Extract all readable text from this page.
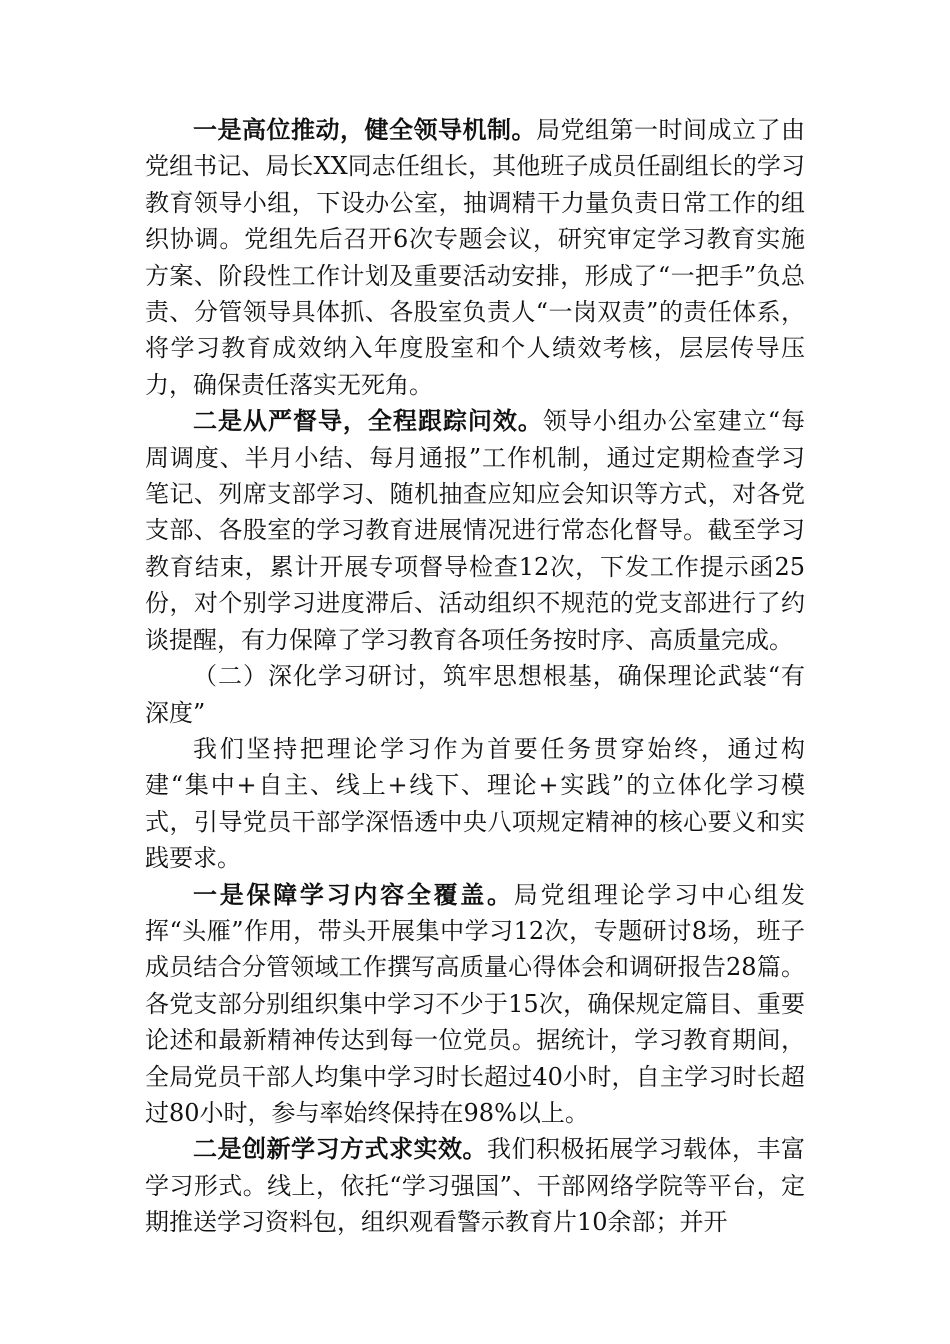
一是高位推动，健全领导机制。局党组第一时间成立了由党组书记、局长XX同志任组长，其他班子成员任副组长的学习教育领导小组，下设办公室，抽调精干力量负责日常工作的组织协调。党组先后召开6次专题会议，研究审定学习教育实施方案、阶段性工作计划及重要活动安排，形成了“一把手”负总责、分管领导具体抓、各股室负责人“一岗双责”的责任体系，将学习教育成效纳入年度股室和个人绩效考核，层层传导压力，确保责任落实无死角。

二是从严督导，全程跟踪问效。领导小组办公室建立“每周调度、半月小结、每月通报”工作机制，通过定期检查学习笔记、列席支部学习、随机抽查应知应会知识等方式，对各党支部、各股室的学习教育进展情况进行常态化督导。截至学习教育结束，累计开展专项督导检查12次，下发工作提示函25份，对个别学习进度滞后、活动组织不规范的党支部进行了约谈提醒，有力保障了学习教育各项任务按时序、高质量完成。

（二）深化学习研讨，筑牢思想根基，确保理论武装“有深度”

我们坚持把理论学习作为首要任务贯穿始终，通过构建“集中+自主、线上+线下、理论+实践”的立体化学习模式，引导党员干部学深悟透中央八项规定精神的核心要义和实践要求。

一是保障学习内容全覆盖。局党组理论学习中心组发挥“头雁”作用，带头开展集中学习12次，专题研讨8场，班子成员结合分管领域工作撰写高质量心得体会和调研报告28篇。各党支部分别组织集中学习不少于15次，确保规定篇目、重要论述和最新精神传达到每一位党员。据统计，学习教育期间，全局党员干部人均集中学习时长超过40小时，自主学习时长超过80小时，参与率始终保持在98%以上。

二是创新学习方式求实效。我们积极拓展学习载体，丰富学习形式。线上，依托“学习强国”、干部网络学院等平台，定期推送学习资料包，组织观看警示教育片10余部；并开
